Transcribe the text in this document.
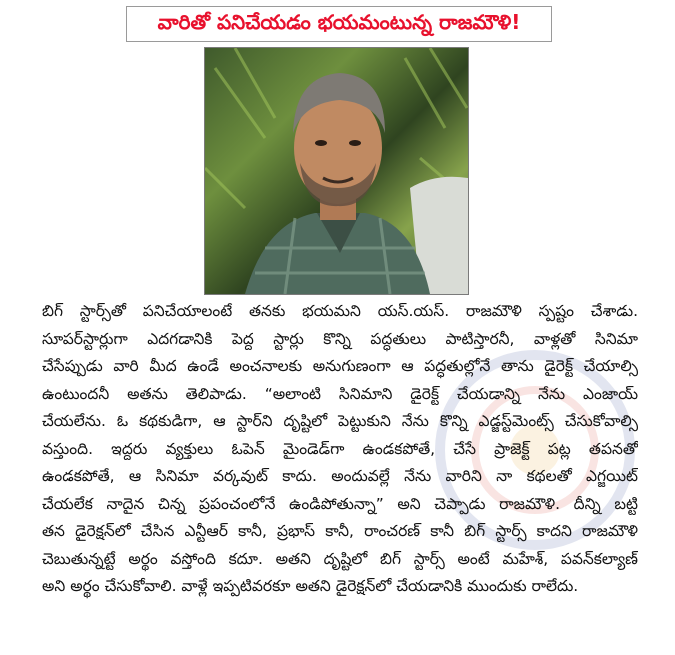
వారితో పనిచేయడం భయమంటున్న రాజమౌళి!
బిగ్ స్టార్స్‌తో పనిచేయాలంటే తనకు భయమని యస్.యస్. రాజమౌళి స్పష్టం చేశాడు.
సూపర్‌స్టార్లుగా ఎదగడానికి పెద్ద స్టార్లు కొన్ని పద్ధతులు పాటిస్తారనీ, వాళ్లతో సినిమా
చేసేప్పుడు వారి మీద ఉండే అంచనాలకు అనుగుణంగా ఆ పద్ధతుల్లోనే తాను డైరెక్ట్ చేయాల్సి
ఉంటుందనీ అతను తెలిపాడు. “అలాంటి సినిమాని డైరెక్ట్ చేయడాన్ని నేను ఎంజాయ్
చేయలేను. ఓ కథకుడిగా, ఆ స్టార్‌ని దృష్టిలో పెట్టుకుని నేను కొన్ని ఎడ్జస్ట్‌మెంట్స్ చేసుకోవాల్సి
వస్తుంది. ఇద్దరు వ్యక్తులు ఓపెన్ మైండెడ్‌గా ఉండకపోతే, చేసే ప్రాజెక్ట్ పట్ల తపనతో
ఉండకపోతే, ఆ సినిమా వర్కవుట్ కాదు. అందువల్లే నేను వారిని నా కథలతో ఎగ్జయిట్
చేయలేక నాదైన చిన్న ప్రపంచంలోనే ఉండిపోతున్నా” అని చెప్పాడు రాజమౌళి. దీన్ని బట్టి
తన డైరెక్షన్‌లో చేసిన ఎన్టీఆర్ కానీ, ప్రభాస్ కానీ, రాంచరణ్ కానీ బిగ్ స్టార్స్ కాదని రాజమౌళి
చెబుతున్నట్టే అర్థం వస్తోంది కదూ. అతని దృష్టిలో బిగ్ స్టార్స్ అంటే మహేశ్, పవన్‌కల్యాణ్
అని అర్థం చేసుకోవాలి. వాళ్లే ఇప్పటివరకూ అతని డైరెక్షన్‌లో చేయడానికి ముందుకు రాలేదు.
